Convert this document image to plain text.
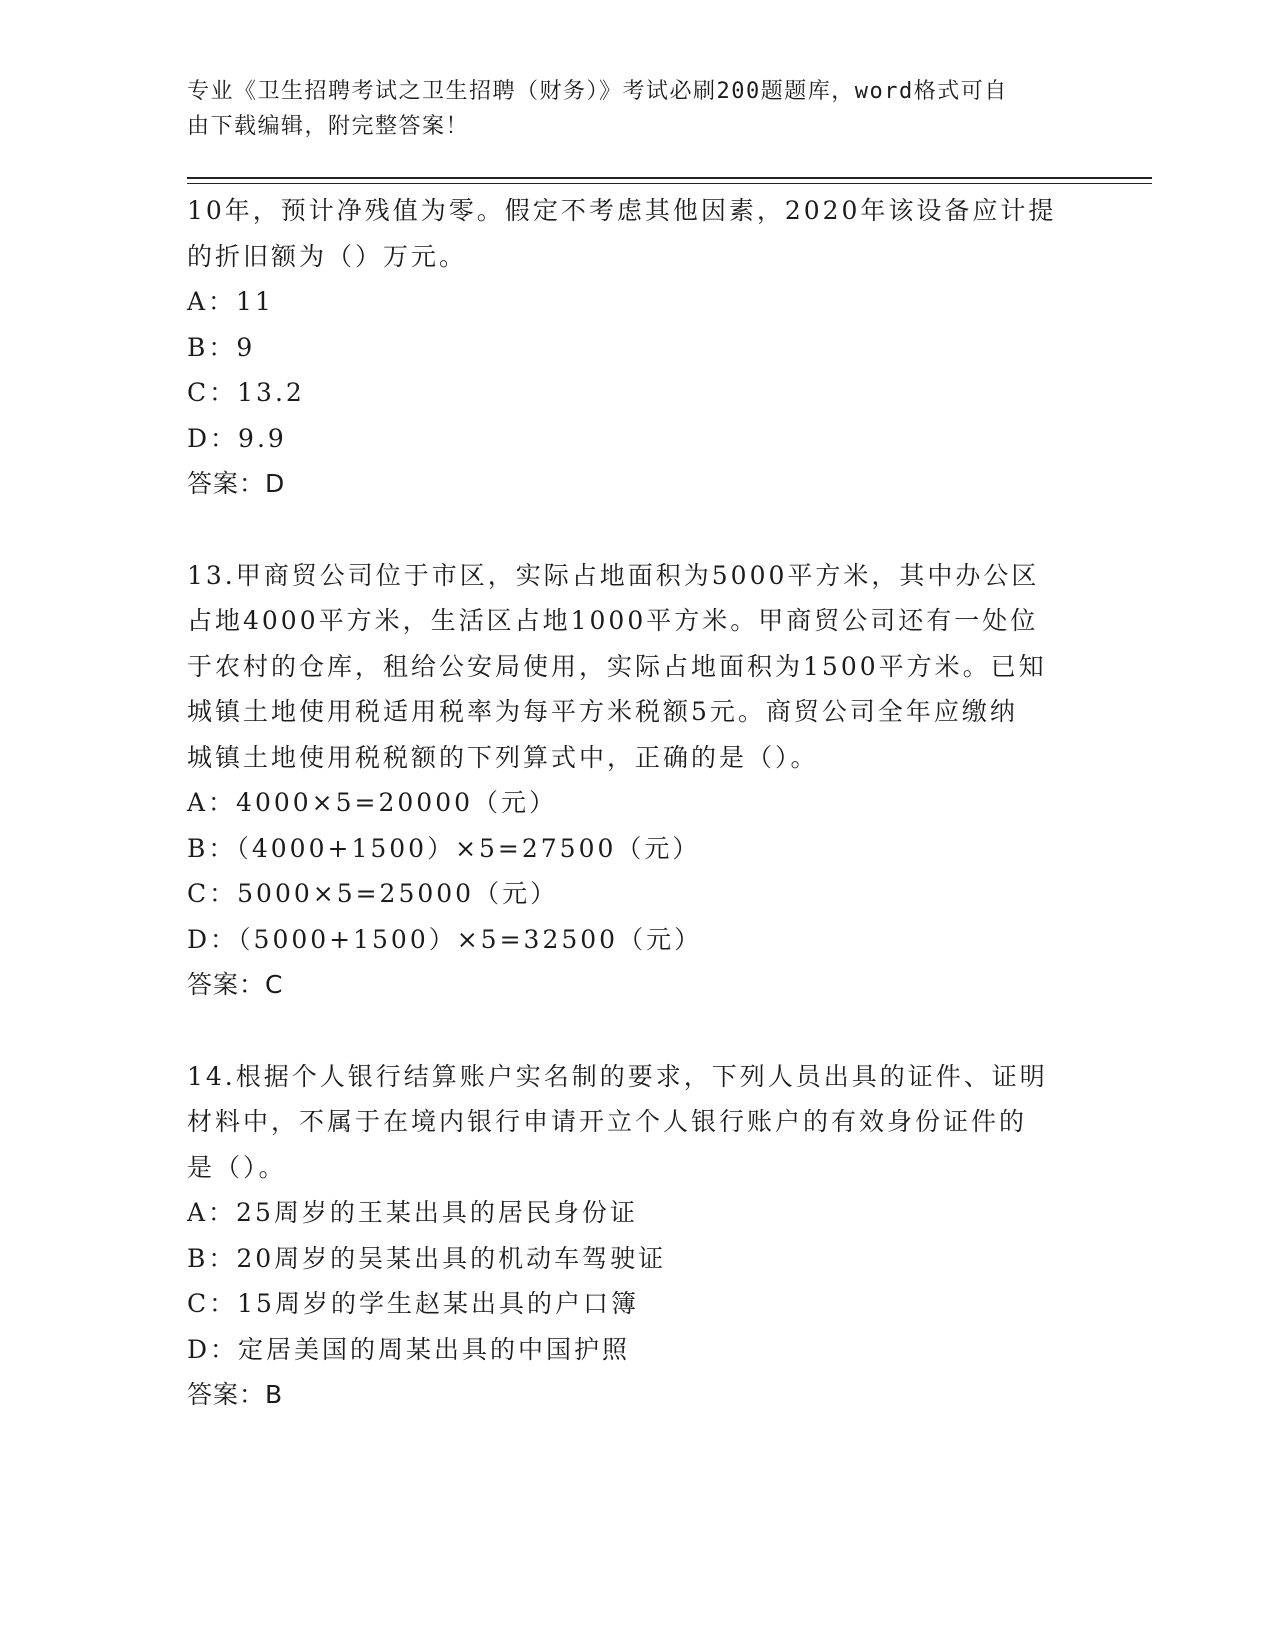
专业《卫生招聘考试之卫生招聘（财务）》考试必刷200题题库，word格式可自
由下载编辑，附完整答案！
10年，预计净残值为零。假定不考虑其他因素，2020年该设备应计提
的折旧额为（）万元。
A：11
B：9
C：13.2
D：9.9
答案：D
13.甲商贸公司位于市区，实际占地面积为5000平方米，其中办公区
占地4000平方米，生活区占地1000平方米。甲商贸公司还有一处位
于农村的仓库，租给公安局使用，实际占地面积为1500平方米。已知
城镇土地使用税适用税率为每平方米税额5元。商贸公司全年应缴纳
城镇土地使用税税额的下列算式中，正确的是（）。
A：4000×5=20000（元）
B：（4000+1500）×5=27500（元）
C：5000×5=25000（元）
D：（5000+1500）×5=32500（元）
答案：C
14.根据个人银行结算账户实名制的要求，下列人员出具的证件、证明
材料中，不属于在境内银行申请开立个人银行账户的有效身份证件的
是（）。
A：25周岁的王某出具的居民身份证
B：20周岁的吴某出具的机动车驾驶证
C：15周岁的学生赵某出具的户口簿
D：定居美国的周某出具的中国护照
答案：B
